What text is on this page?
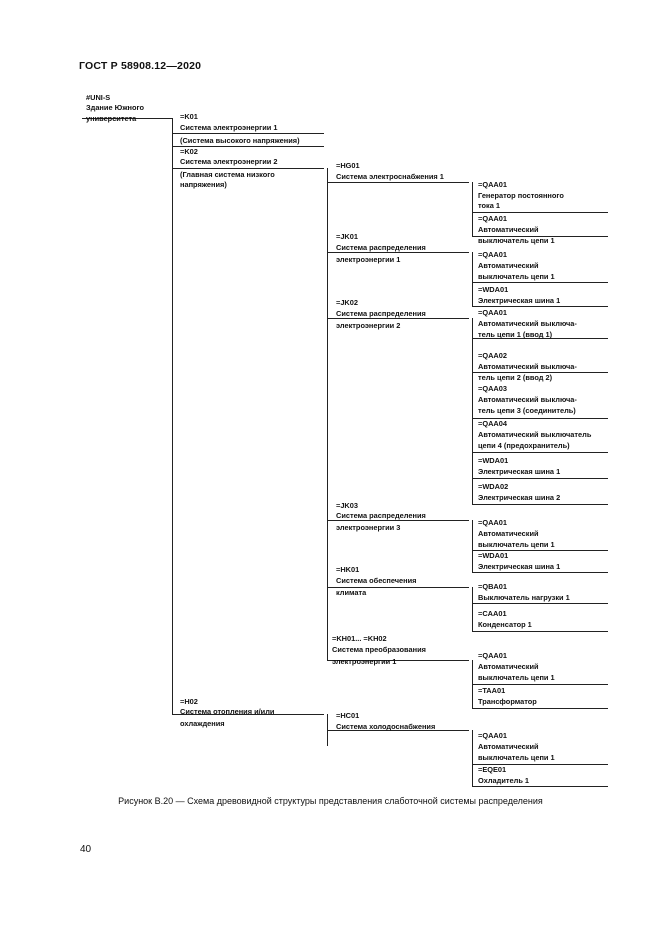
ГОСТ Р 58908.12—2020
#UNI-S
Здание Южного
университета	=K01
Система электроэнергии 1
(Система высокого напряжения)
=K02
Система электроэнергии 2
(Главная система низкого
напряжения)
=H02
Система отопления и/или
охлаждения
=HG01
Система электроснабжения 1
=JK01
Система распределения
электроэнергии 1
=JK02
Система распределения
электроэнергии 2
=JK03
Система распределения
электроэнергии 3
=HK01
Система обеспечения
климата
=KH01... =KH02
Система преобразования
электроэнергии 1
=HC01
Система холодоснабжения
=QAA01
Генератор постоянного
тока 1
=QAA01
Автоматический
выключатель цепи 1
=QAA01
Автоматический
выключатель цепи 1
=WDA01
Электрическая шина 1
=QAA01
Автоматический выключа-
тель цепи 1 (ввод 1)
=QAA02
Автоматический выключа-
тель цепи 2 (ввод 2)
=QAA03
Автоматический выключа-
тель цепи 3 (соединитель)
=QAA04
Автоматический выключатель
цепи 4 (предохранитель)
=WDA01
Электрическая шина 1
=WDA02
Электрическая шина 2
=QAA01
Автоматический
выключатель цепи 1
=WDA01
Электрическая шина 1
=QBA01
Выключатель нагрузки 1
=CAA01
Конденсатор 1
=QAA01
Автоматический
выключатель цепи 1
=TAA01
Трансформатор
=QAA01
Автоматический
выключатель цепи 1
=EQE01
Охладитель 1
Рисунок В.20 — Схема древовидной структуры представления слаботочной системы распределения
40
